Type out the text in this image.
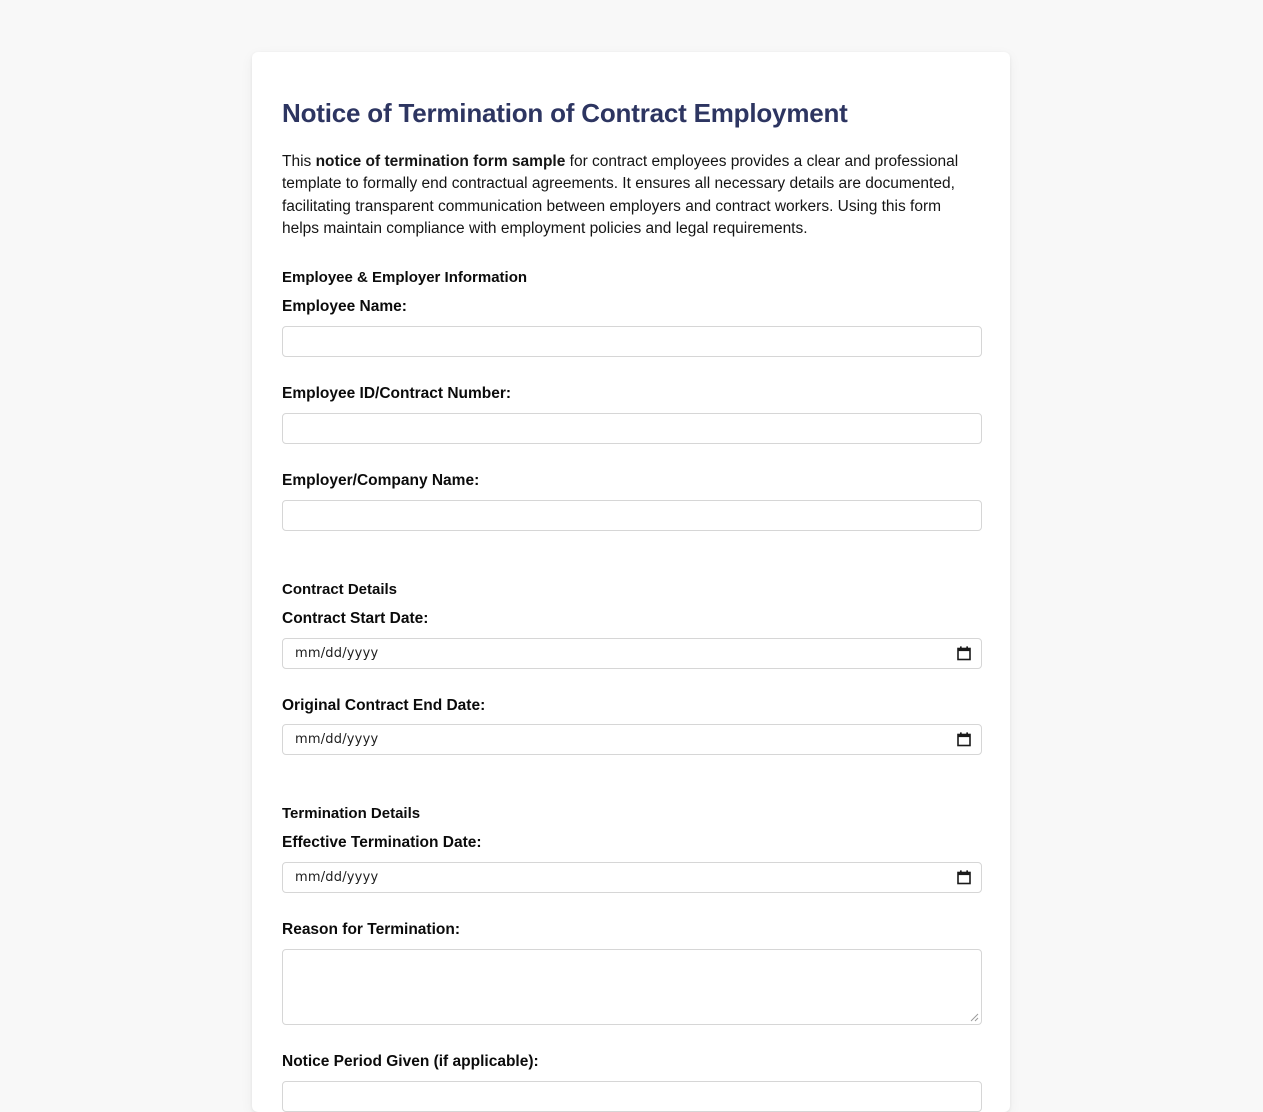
Notice of Termination of Contract Employment

This notice of termination form sample for contract employees provides a clear and professional template to formally end contractual agreements. It ensures all necessary details are documented, facilitating transparent communication between employers and contract workers. Using this form helps maintain compliance with employment policies and legal requirements.

Employee & Employer Information
Employee Name:
Employee ID/Contract Number:
Employer/Company Name:
Contract Details
Contract Start Date:
mm/dd/yyyy
Original Contract End Date:
mm/dd/yyyy
Termination Details
Effective Termination Date:
mm/dd/yyyy
Reason for Termination:
Notice Period Given (if applicable):
